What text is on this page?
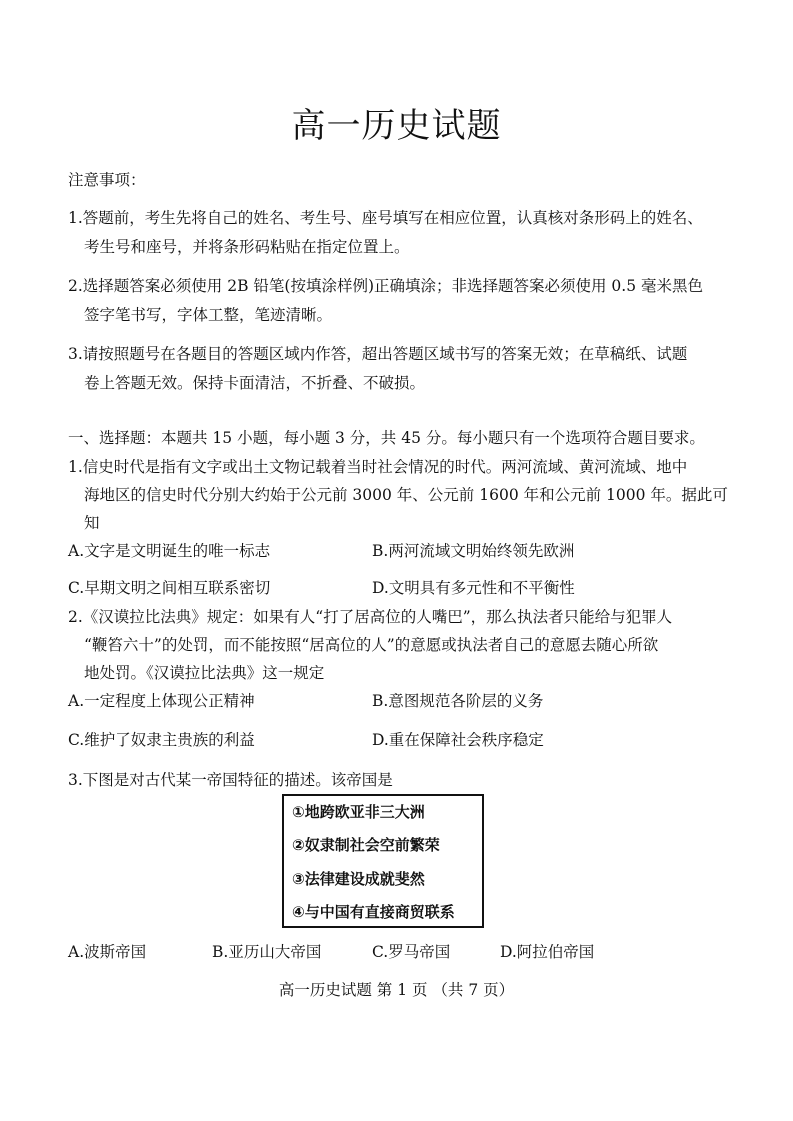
高一历史试题
注意事项：
1.答题前，考生先将自己的姓名、考生号、座号填写在相应位置，认真核对条形码上的姓名、
考生号和座号，并将条形码粘贴在指定位置上。
2.选择题答案必须使用 2B 铅笔(按填涂样例)正确填涂；非选择题答案必须使用 0.5 毫米黑色
签字笔书写，字体工整，笔迹清晰。
3.请按照题号在各题目的答题区域内作答，超出答题区域书写的答案无效；在草稿纸、试题
卷上答题无效。保持卡面清洁，不折叠、不破损。
一、选择题：本题共 15 小题，每小题 3 分，共 45 分。每小题只有一个选项符合题目要求。
1.信史时代是指有文字或出土文物记载着当时社会情况的时代。两河流域、黄河流域、地中
海地区的信史时代分别大约始于公元前 3000 年、公元前 1600 年和公元前 1000 年。据此可
知
A.文字是文明诞生的唯一标志	B.两河流域文明始终领先欧洲
C.早期文明之间相互联系密切	D.文明具有多元性和不平衡性
2.《汉谟拉比法典》规定：如果有人“打了居高位的人嘴巴”，那么执法者只能给与犯罪人
“鞭笞六十”的处罚，而不能按照“居高位的人”的意愿或执法者自己的意愿去随心所欲
地处罚。《汉谟拉比法典》这一规定
A.一定程度上体现公正精神	B.意图规范各阶层的义务
C.维护了奴隶主贵族的利益	D.重在保障社会秩序稳定
3.下图是对古代某一帝国特征的描述。该帝国是
①地跨欧亚非三大洲
②奴隶制社会空前繁荣
③法律建设成就斐然
④与中国有直接商贸联系
A.波斯帝国	B.亚历山大帝国	C.罗马帝国	D.阿拉伯帝国
高一历史试题 第 1 页 （共 7 页）
